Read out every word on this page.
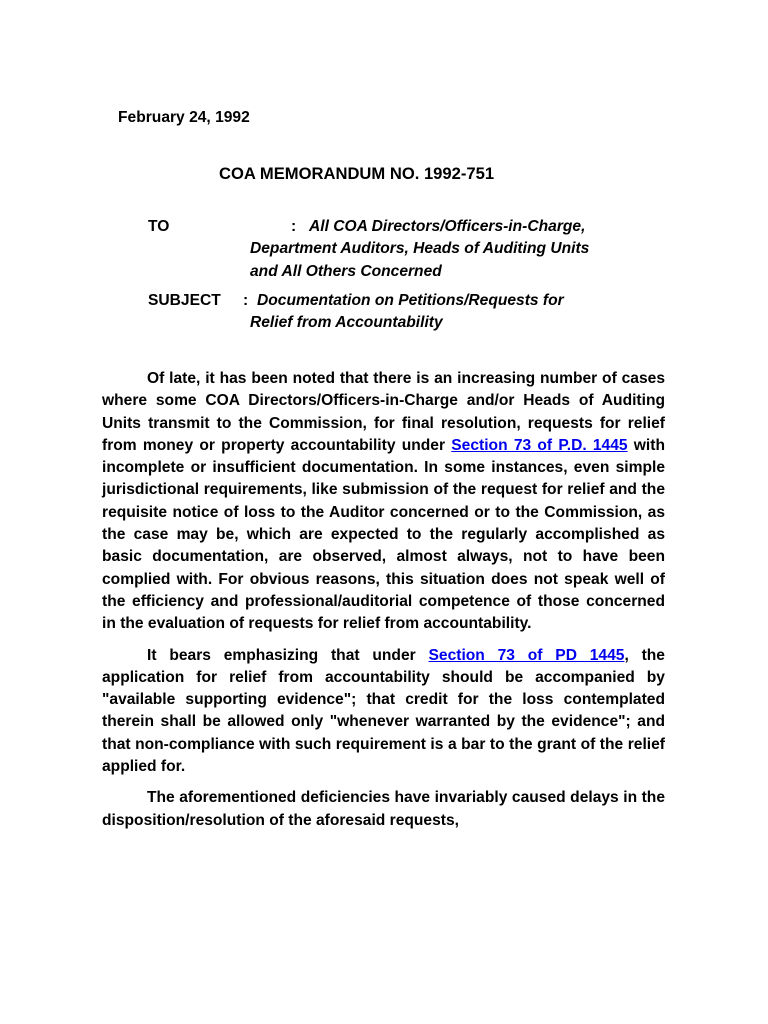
February 24, 1992

COA MEMORANDUM NO. 1992-751
TO	: All COA Directors/Officers-in-Charge,
Department Auditors, Heads of Auditing Units
and All Others Concerned
SUBJECT : Documentation on Petitions/Requests for
Relief from Accountability

Of late, it has been noted that there is an increasing number of cases where some COA Directors/Officers-in-Charge and/or Heads of Auditing Units transmit to the Commission, for final resolution, requests for relief from money or property accountability under Section 73 of P.D. 1445 with incomplete or insufficient documentation. In some instances, even simple jurisdictional requirements, like submission of the request for relief and the requisite notice of loss to the Auditor concerned or to the Commission, as the case may be, which are expected to the regularly accomplished as basic documentation, are observed, almost always, not to have been complied with. For obvious reasons, this situation does not speak well of the efficiency and professional/auditorial competence of those concerned in the evaluation of requests for relief from accountability.

It bears emphasizing that under Section 73 of PD 1445, the application for relief from accountability should be accompanied by "available supporting evidence"; that credit for the loss contemplated therein shall be allowed only "whenever warranted by the evidence"; and that non-compliance with such requirement is a bar to the grant of the relief applied for.

The aforementioned deficiencies have invariably caused delays in the disposition/resolution of the aforesaid requests,
